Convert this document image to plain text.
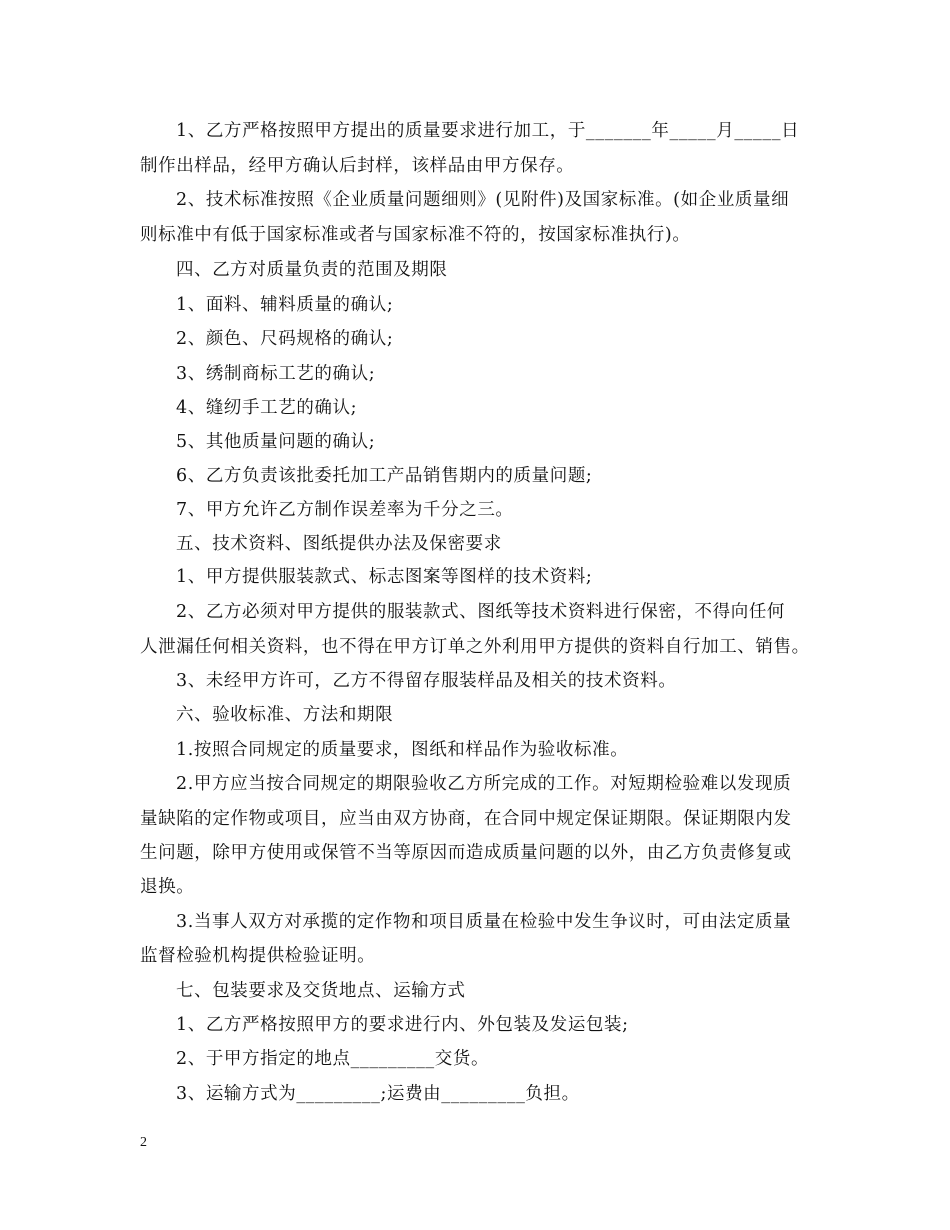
1、乙方严格按照甲方提出的质量要求进行加工，于_______年_____月_____日
制作出样品，经甲方确认后封样，该样品由甲方保存。
2、技术标准按照《企业质量问题细则》(见附件)及国家标准。(如企业质量细
则标准中有低于国家标准或者与国家标准不符的，按国家标准执行)。
四、乙方对质量负责的范围及期限
1、面料、辅料质量的确认;
2、颜色、尺码规格的确认;
3、绣制商标工艺的确认;
4、缝纫手工艺的确认;
5、其他质量问题的确认;
6、乙方负责该批委托加工产品销售期内的质量问题;
7、甲方允许乙方制作误差率为千分之三。
五、技术资料、图纸提供办法及保密要求
1、甲方提供服装款式、标志图案等图样的技术资料;
2、乙方必须对甲方提供的服装款式、图纸等技术资料进行保密，不得向任何
人泄漏任何相关资料，也不得在甲方订单之外利用甲方提供的资料自行加工、销售。
3、未经甲方许可，乙方不得留存服装样品及相关的技术资料。
六、验收标准、方法和期限
1.按照合同规定的质量要求，图纸和样品作为验收标准。
2.甲方应当按合同规定的期限验收乙方所完成的工作。对短期检验难以发现质
量缺陷的定作物或项目，应当由双方协商，在合同中规定保证期限。保证期限内发
生问题，除甲方使用或保管不当等原因而造成质量问题的以外，由乙方负责修复或
退换。
3.当事人双方对承揽的定作物和项目质量在检验中发生争议时，可由法定质量
监督检验机构提供检验证明。
七、包装要求及交货地点、运输方式
1、乙方严格按照甲方的要求进行内、外包装及发运包装;
2、于甲方指定的地点_________交货。
3、运输方式为_________;运费由_________负担。
2
